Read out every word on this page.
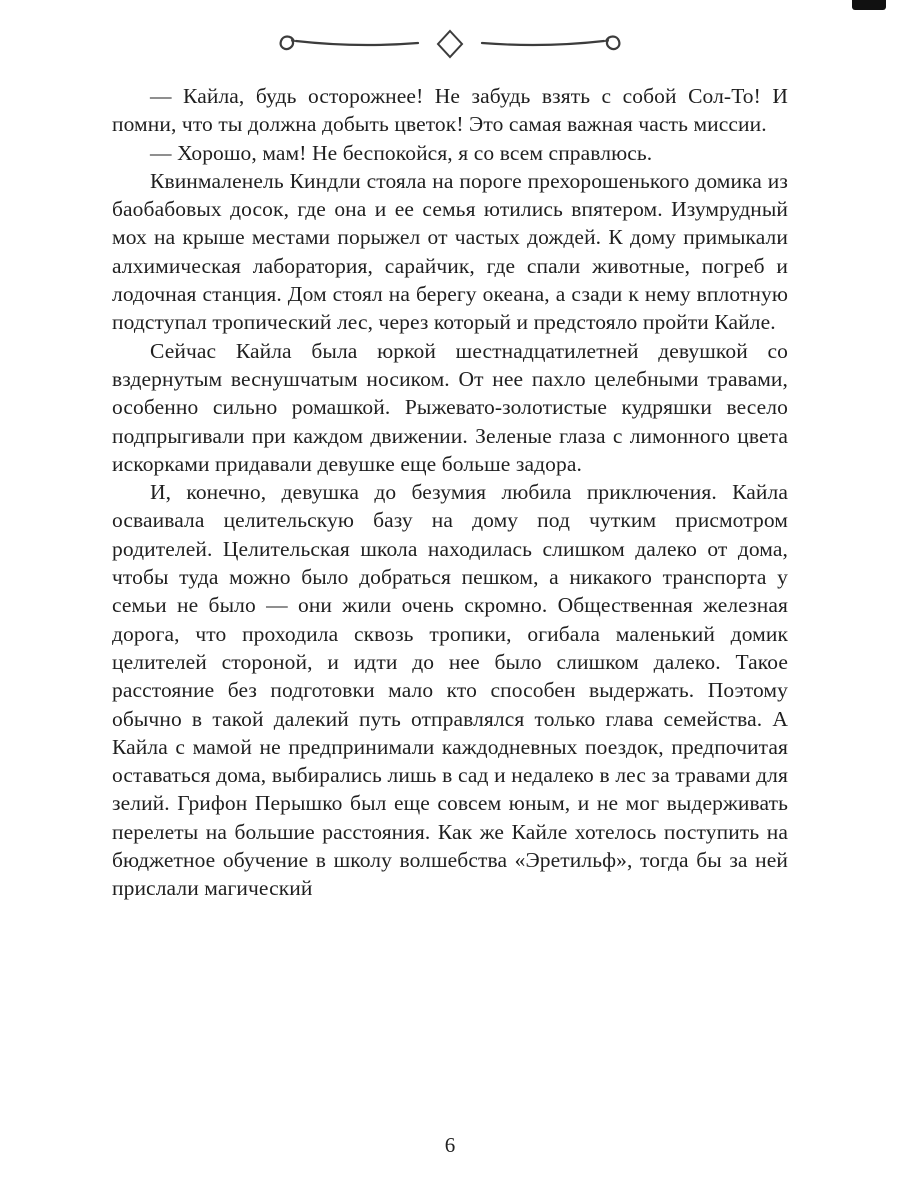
— Кайла, будь осторожнее! Не забудь взять с собой Сол-То! И помни, что ты должна добыть цветок! Это самая важная часть миссии.

— Хорошо, мам! Не беспокойся, я со всем справлюсь.

Квинмаленель Киндли стояла на пороге прехорошенького домика из баобабовых досок, где она и ее семья ютились впятером. Изумрудный мох на крыше местами порыжел от частых дождей. К дому примыкали алхимическая лаборатория, сарайчик, где спали животные, погреб и лодочная станция. Дом стоял на берегу океана, а сзади к нему вплотную подступал тропический лес, через который и предстояло пройти Кайле.

Сейчас Кайла была юркой шестнадцатилетней девушкой со вздернутым веснушчатым носиком. От нее пахло целебными травами, особенно сильно ромашкой. Рыжевато-золотистые кудряшки весело подпрыгивали при каждом движении. Зеленые глаза с лимонного цвета искорками придавали девушке еще больше задора.

И, конечно, девушка до безумия любила приключения. Кайла осваивала целительскую базу на дому под чутким присмотром родителей. Целительская школа находилась слишком далеко от дома, чтобы туда можно было добраться пешком, а никакого транспорта у семьи не было — они жили очень скромно. Общественная железная дорога, что проходила сквозь тропики, огибала маленький домик целителей стороной, и идти до нее было слишком далеко. Такое расстояние без подготовки мало кто способен выдержать. Поэтому обычно в такой далекий путь отправлялся только глава семейства. А Кайла с мамой не предпринимали каждодневных поездок, предпочитая оставаться дома, выбирались лишь в сад и недалеко в лес за травами для зелий. Грифон Перышко был еще совсем юным, и не мог выдерживать перелеты на большие расстояния. Как же Кайле хотелось поступить на бюджетное обучение в школу волшебства «Эретильф», тогда бы за ней прислали магический

6
